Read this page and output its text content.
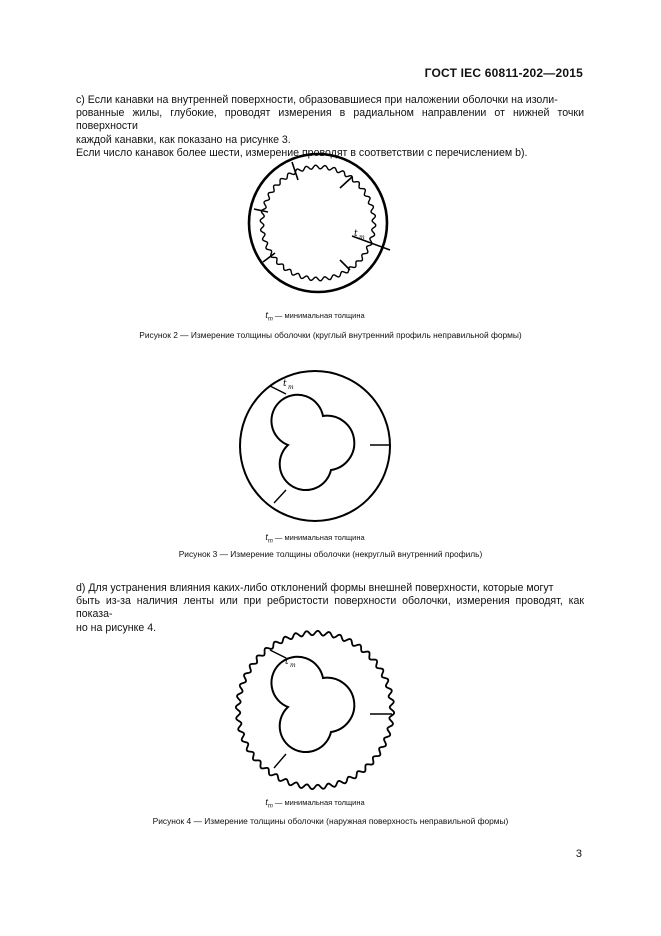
ГОСТ IEC 60811-202—2015

c) Если канавки на внутренней поверхности, образовавшиеся при наложении оболочки на изоли-

рованные жилы, глубокие, проводят измерения в радиальном направлении от нижней точки поверхности

каждой канавки, как показано на рисунке 3.

Если число канавок более шести, измерение проводят в соответствии с перечислением b).

t m
$t_m$ — минимальная толщина
Рисунок 2 — Измерение толщины оболочки (круглый внутренний профиль неправильной формы)
t m
$t_m$ — минимальная толщина
Рисунок 3 — Измерение толщины оболочки (некруглый внутренний профиль)

d) Для устранения влияния каких-либо отклонений формы внешней поверхности, которые могут

быть из-за наличия ленты или при ребристости поверхности оболочки, измерения проводят, как показа-

но на рисунке 4.

t m
$t_m$ — минимальная толщина
Рисунок 4 — Измерение толщины оболочки (наружная поверхность неправильной формы)
3
